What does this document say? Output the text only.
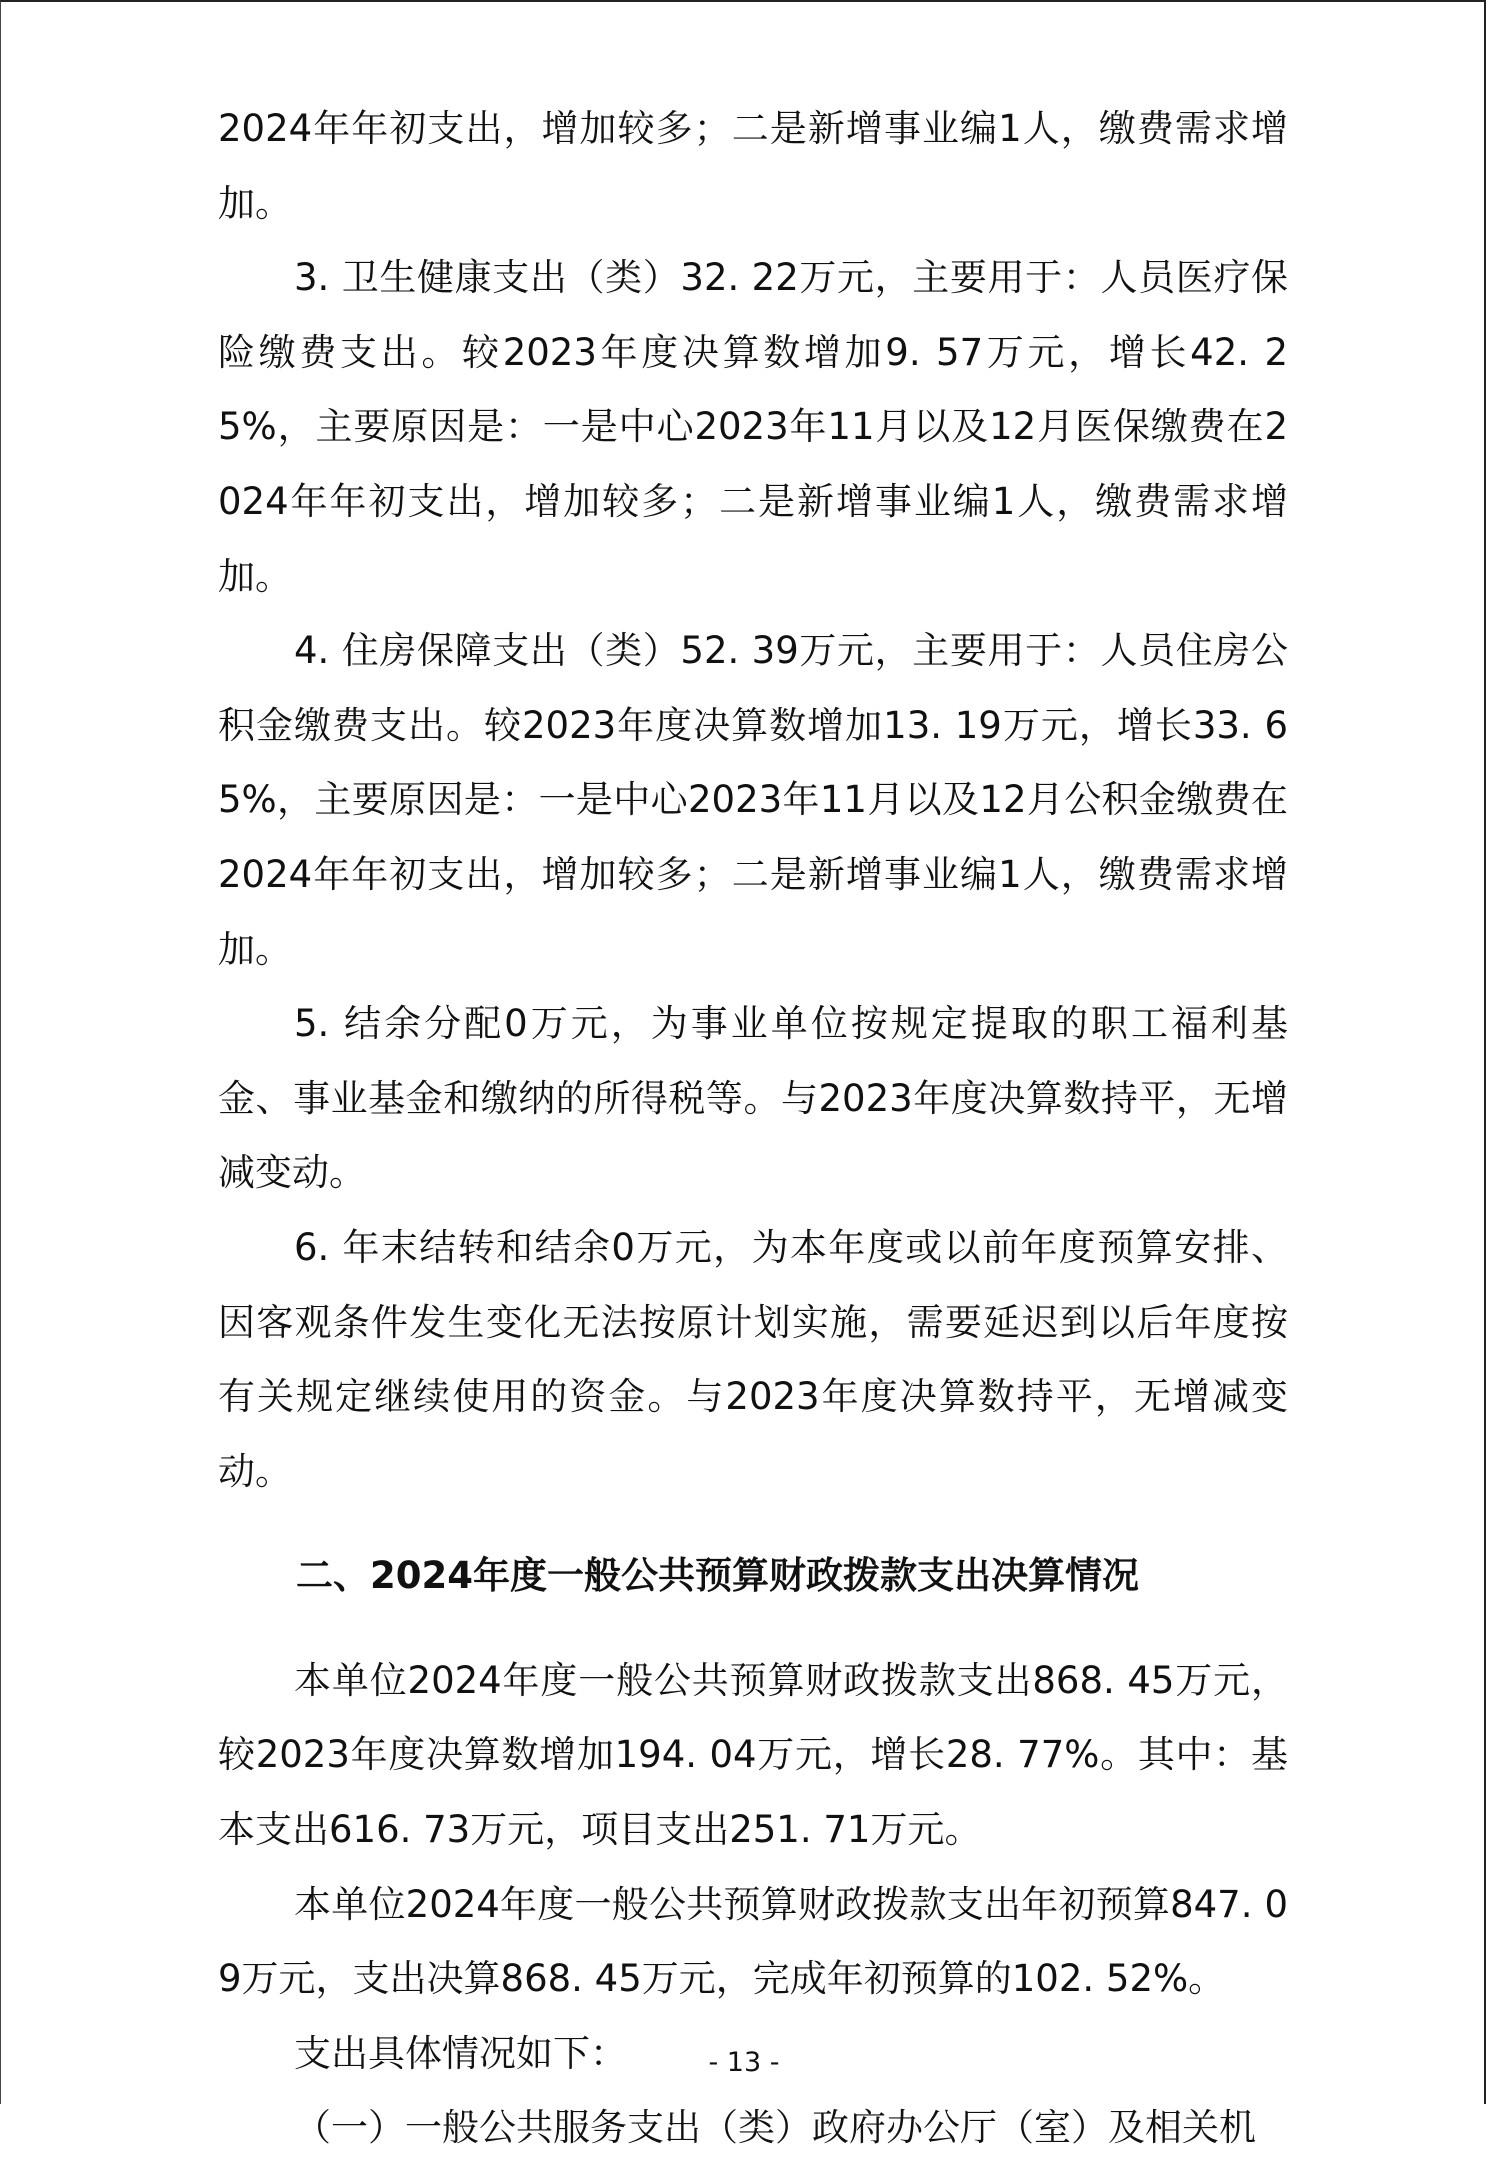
2024年年初支出，增加较多；二是新增事业编1人，缴费需求增加。

3. 卫生健康支出（类）32. 22万元，主要用于：人员医疗保险缴费支出。较2023年度决算数增加9. 57万元，增长42. 25%，主要原因是：一是中心2023年11月以及12月医保缴费在2024年年初支出，增加较多；二是新增事业编1人，缴费需求增加。

4. 住房保障支出（类）52. 39万元，主要用于：人员住房公积金缴费支出。较2023年度决算数增加13. 19万元，增长33. 65%，主要原因是：一是中心2023年11月以及12月公积金缴费在2024年年初支出，增加较多；二是新增事业编1人，缴费需求增加。

5. 结余分配0万元，为事业单位按规定提取的职工福利基金、事业基金和缴纳的所得税等。与2023年度决算数持平，无增减变动。

6. 年末结转和结余0万元，为本年度或以前年度预算安排、因客观条件发生变化无法按原计划实施，需要延迟到以后年度按有关规定继续使用的资金。与2023年度决算数持平，无增减变动。

二、2024年度一般公共预算财政拨款支出决算情况

本单位2024年度一般公共预算财政拨款支出868. 45万元，较2023年度决算数增加194. 04万元，增长28. 77%。其中：基本支出616. 73万元，项目支出251. 71万元。

本单位2024年度一般公共预算财政拨款支出年初预算847. 09万元，支出决算868. 45万元，完成年初预算的102. 52%。

支出具体情况如下：

（一）一般公共服务支出（类）政府办公厅（室）及相关机

- 13 -
